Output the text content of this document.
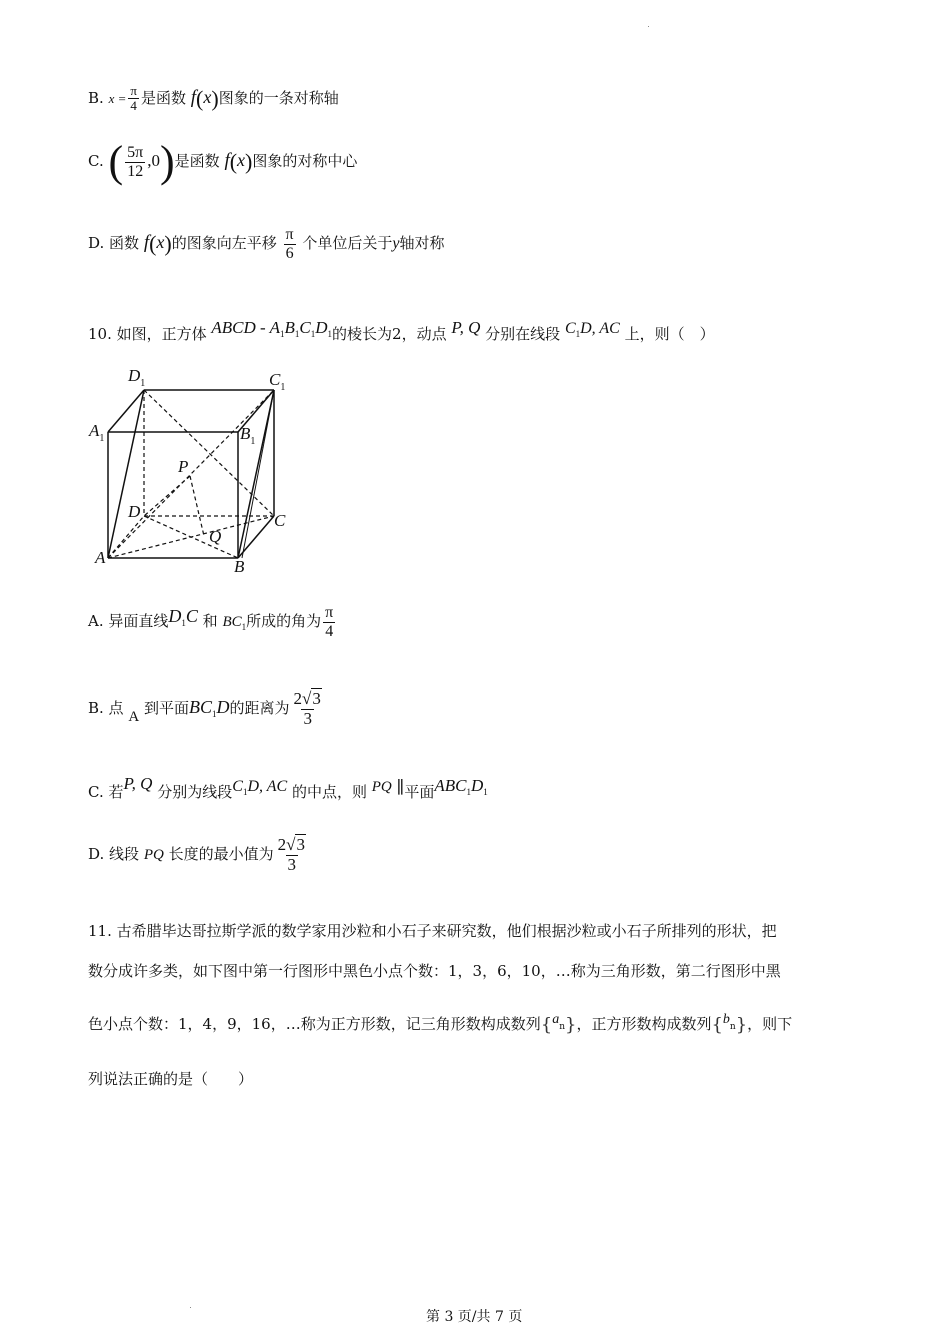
B. $x = \frac{\pi}{4}$ 是函数 f(x)图象的一条对称轴
C. ( $\frac{5\pi}{12} ,0$)是函数 f(x)图象的对称中心
D. 函数 f(x)的图象向左平移 $\frac{\pi}{6}$ 个单位后关于y轴对称
10. 如图，正方体 ABCD - $A_1B_1C_1D_1$的棱长为2，动点 P, Q 分别在线段 $C_1D$, AC 上，则（　）
$D_1$	$C_1$
$A_1$	$B_1$
P
D	C
Q
A	B
A. 异面直线$D_1C$ 和 $BC_1$所成的角为 $\frac{\pi}{4}$
B. 点 A 到平面$BC_1D$的距离为 $\frac{2√3}{3}$
C. 若P, Q 分别为线段$C_1D$, AC 的中点，则 PQ ∥平面$ABC_1D_1$
D. 线段 PQ 长度的最小值为 $\frac{2√3}{3}$
11. 古希腊毕达哥拉斯学派的数学家用沙粒和小石子来研究数，他们根据沙粒或小石子所排列的形状，把
数分成许多类，如下图中第一行图形中黑色小点个数：1，3，6，10，…称为三角形数，第二行图形中黑
色小点个数：1，4，9，16，…称为正方形数，记三角形数构成数列{an}，正方形数构成数列{bn}，则下
列说法正确的是（　　）
第 3 页/共 7 页
